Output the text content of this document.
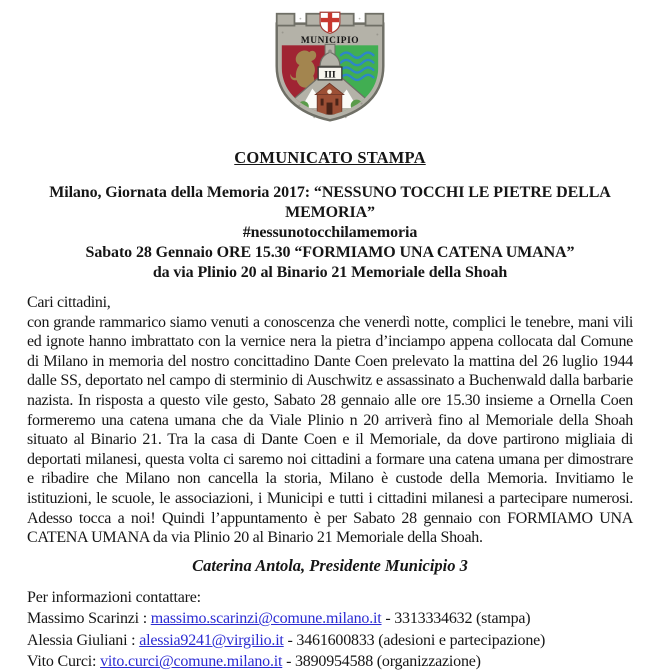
III
MUNICIPIO
COMUNICATO STAMPA
Milano, Giornata della Memoria 2017: “NESSUNO TOCCHI LE PIETRE DELLA MEMORIA”
#nessunotocchilamemoria
Sabato 28 Gennaio ORE 15.30 “FORMIAMO UNA CATENA UMANA”
da via Plinio 20 al Binario 21 Memoriale della Shoah
Cari cittadini,
con grande rammarico siamo venuti a conoscenza che venerdì notte, complici le tenebre, mani vili ed ignote hanno imbrattato con la vernice nera la pietra d’inciampo appena collocata dal Comune di Milano in memoria del nostro concittadino Dante Coen prelevato la mattina del 26 luglio 1944 dalle SS, deportato nel campo di sterminio di Auschwitz e assassinato a Buchenwald dalla barbarie nazista. In risposta a questo vile gesto, Sabato 28 gennaio alle ore 15.30 insieme a Ornella Coen formeremo una catena umana che da Viale Plinio n 20 arriverà fino al Memoriale della Shoah situato al Binario 21. Tra la casa di Dante Coen e il Memoriale, da dove partirono migliaia di deportati milanesi, questa volta ci saremo noi cittadini a formare una catena umana per dimostrare e ribadire che Milano non cancella la storia, Milano è custode della Memoria. Invitiamo le istituzioni, le scuole, le associazioni, i Municipi e tutti i cittadini milanesi a partecipare numerosi. Adesso tocca a noi! Quindi l’appuntamento è per Sabato 28 gennaio con FORMIAMO UNA CATENA UMANA da via Plinio 20 al Binario 21 Memoriale della Shoah.
Caterina Antola, Presidente Municipio 3
Per informazioni contattare:
Massimo Scarinzi : massimo.scarinzi@comune.milano.it - 3313334632 (stampa)
Alessia Giuliani : alessia9241@virgilio.it - 3461600833 (adesioni e partecipazione)
Vito Curci: vito.curci@comune.milano.it - 3890954588 (organizzazione)
